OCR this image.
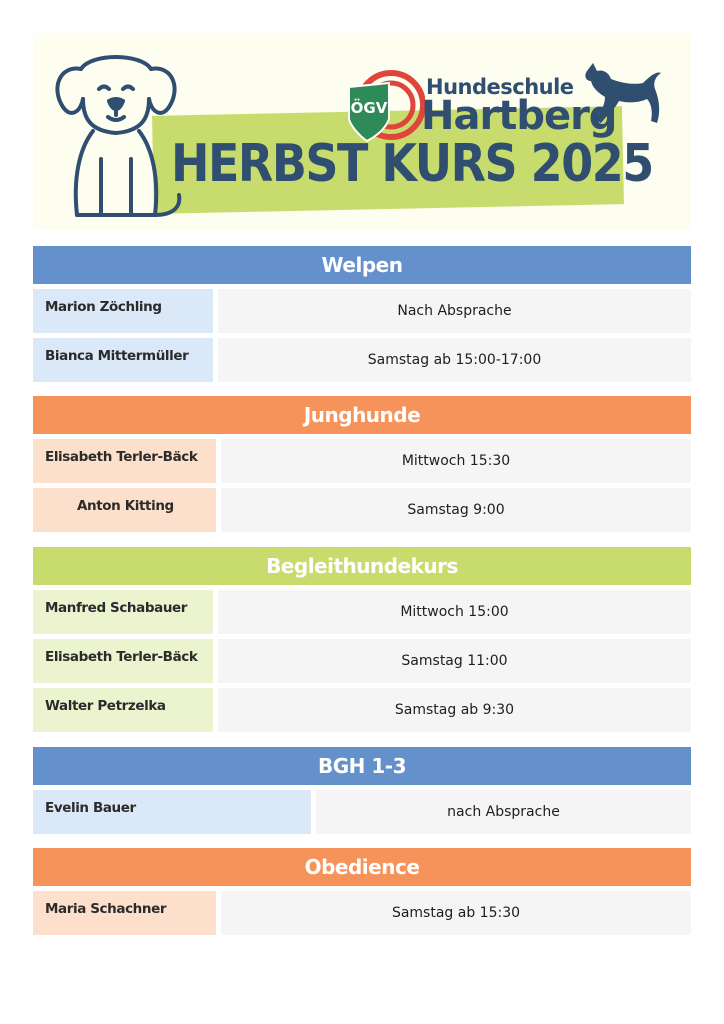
ÖGV
Hundeschule
Hartberg
HERBST KURS 2025
Welpen
Marion Zöchling	Nach Absprache
Bianca Mittermüller	Samstag ab 15:00-17:00
Junghunde
Elisabeth Terler-Bäck	Mittwoch 15:30
Anton Kitting	Samstag 9:00
Begleithundekurs
Manfred Schabauer	Mittwoch 15:00
Elisabeth Terler-Bäck	Samstag 11:00
Walter Petrzelka	Samstag ab 9:30
BGH 1-3
Evelin Bauer	nach Absprache
Obedience
Maria Schachner	Samstag ab 15:30
